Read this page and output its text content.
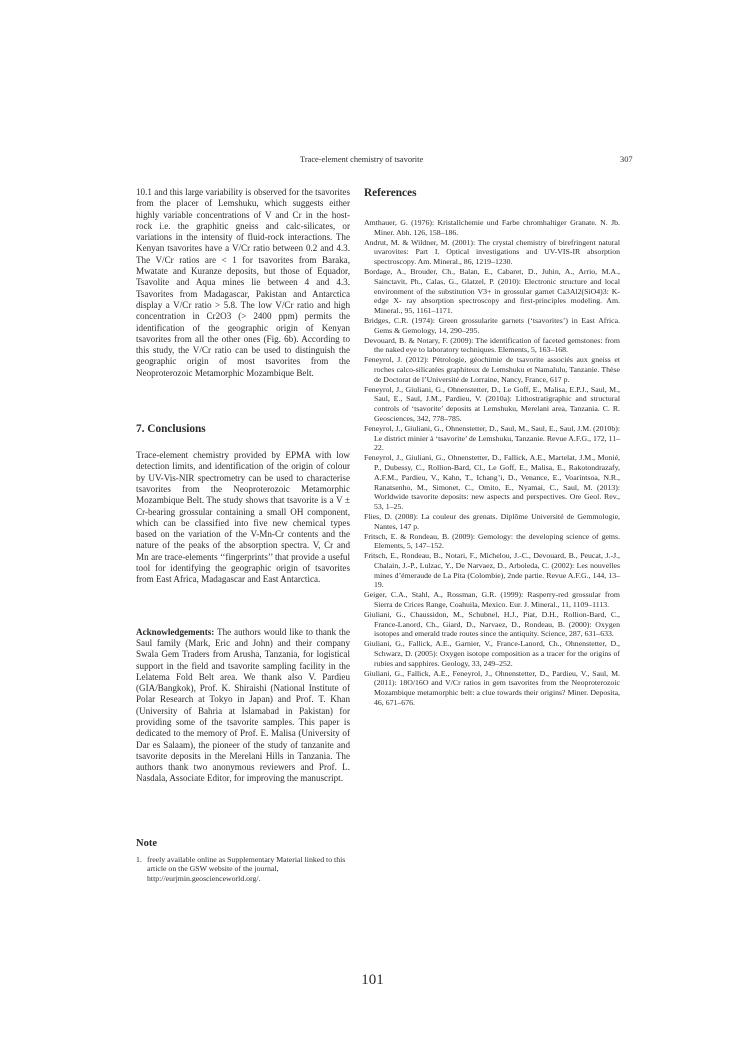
Trace-element chemistry of tsavorite	307

10.1 and this large variability is observed for the tsavorites from the placer of Lemshuku, which suggests either highly variable concentrations of V and Cr in the host-rock i.e. the graphitic gneiss and calc-silicates, or variations in the intensity of fluid-rock interactions. The Kenyan tsavorites have a V/Cr ratio between 0.2 and 4.3. The V/Cr ratios are < 1 for tsavorites from Baraka, Mwatate and Kuranze deposits, but those of Equador, Tsavolite and Aqua mines lie between 4 and 4.3. Tsavorites from Madagascar, Pakistan and Antarctica display a V/Cr ratio > 5.8. The low V/Cr ratio and high concentration in Cr2O3 (> 2400 ppm) permits the identification of the geographic origin of Kenyan tsavorites from all the other ones (Fig. 6b). According to this study, the V/Cr ratio can be used to distinguish the geographic origin of most tsavorites from the Neoproterozoic Metamorphic Mozambique Belt.

7. Conclusions

Trace-element chemistry provided by EPMA with low detection limits, and identification of the origin of colour by UV-Vis-NIR spectrometry can be used to characterise tsavorites from the Neoproterozoic Metamorphic Mozambique Belt. The study shows that tsavorite is a V ± Cr-bearing grossular containing a small OH component, which can be classified into five new chemical types based on the variation of the V-Mn-Cr contents and the nature of the peaks of the absorption spectra. V, Cr and Mn are trace-elements ‘‘fingerprints’’ that provide a useful tool for identifying the geographic origin of tsavorites from East Africa, Madagascar and East Antarctica.

Acknowledgements: The authors would like to thank the Saul family (Mark, Eric and John) and their company Swala Gem Traders from Arusha, Tanzania, for logistical support in the field and tsavorite sampling facility in the Lelatema Fold Belt area. We thank also V. Pardieu (GIA/Bangkok), Prof. K. Shiraishi (National Institute of Polar Research at Tokyo in Japan) and Prof. T. Khan (University of Bahria at Islamabad in Pakistan) for providing some of the tsavorite samples. This paper is dedicated to the memory of Prof. E. Malisa (University of Dar es Salaam), the pioneer of the study of tanzanite and tsavorite deposits in the Merelani Hills in Tanzania. The authors thank two anonymous reviewers and Prof. L. Nasdala, Associate Editor, for improving the manuscript.

Note
1. freely available online as Supplementary Material linked to this article on the GSW website of the journal, http://eurjmin.geoscienceworld.org/.
References

Amthauer, G. (1976): Kristallchemie und Farbe chromhaltiger Granate. N. Jb. Miner. Abh. 126, 158–186.

Andrut, M. & Wildner, M. (2001): The crystal chemistry of birefringent natural uvarovites: Part I. Optical investigations and UV-VIS-IR absorption spectroscopy. Am. Mineral., 86, 1219–1230.

Bordage, A., Brouder, Ch., Balan, E., Cabaret, D., Juhin, A., Arrio, M.A., Sainctavit, Ph., Calas, G., Glatzel, P. (2010): Electronic structure and local environment of the substitution V3+ in grossular garnet Ca3Al2(SiO4)3: K-edge X- ray absorption spectroscopy and first-principles modeling. Am. Mineral., 95, 1161–1171.

Bridges, C.R. (1974): Green grossularite garnets (‘tsavorites’) in East Africa. Gems & Gemology, 14, 290–295.

Devouard, B. & Notary, F. (2009): The identification of faceted gemstones: from the naked eye to laboratory techniques. Elements, 5, 163–168.

Feneyrol, J. (2012): Pétrologie, géochimie de tsavorite associés aux gneiss et roches calco-silicatées graphiteux de Lemshuku et Namalulu, Tanzanie. Thèse de Doctorat de l’Université de Lorraine, Nancy, France, 617 p.

Feneyrol, J., Giuliani, G., Ohnenstetter, D., Le Goff, E., Malisa, E.P.J., Saul, M., Saul, E., Saul, J.M., Pardieu, V. (2010a): Lithostratigraphic and structural controls of ‘tsavorite’ deposits at Lemshuku, Merelani area, Tanzania. C. R. Geosciences, 342, 778–785.

Feneyrol, J., Giuliani, G., Ohnenstetter, D., Saul, M., Saul, E., Saul, J.M. (2010b): Le district minier à ‘tsavorite’ de Lemshuku, Tanzanie. Revue A.F.G., 172, 11–22.

Feneyrol, J., Giuliani, G., Ohnenstetter, D., Fallick, A.E., Martelat, J.M., Monié, P., Dubessy, C., Rollion-Bard, Cl., Le Goff, E., Malisa, E., Rakotondrazafy, A.F.M., Pardieu, V., Kahn, T., Ichang’i, D., Venance, E., Voarintsoa, N.R., Ranatsenho, M., Simonet, C., Omito, E., Nyamai, C., Saul, M. (2013): Worldwide tsavorite deposits: new aspects and perspectives. Ore Geol. Rev., 53, 1–25.

Flies, D. (2008): La couleur des grenats. Diplôme Université de Gemmologie, Nantes, 147 p.

Fritsch, E. & Rondeau, B. (2009): Gemology: the developing science of gems. Elements, 5, 147–152.

Fritsch, E., Rondeau, B., Notari, F., Michelou, J.-C., Devouard, B., Peucat, J.-J., Chalain, J.-P., Lulzac, Y., De Narvaez, D., Arboleda, C. (2002): Les nouvelles mines d’émeraude de La Pita (Colombie), 2nde partie. Revue A.F.G., 144, 13–19.

Geiger, C.A., Stahl, A., Rossman, G.R. (1999): Rasperry-red grossular from Sierra de Crices Range, Coahuila, Mexico. Eur. J. Mineral., 11, 1109–1113.

Giuliani, G., Chaussidon, M., Schubnel, H.J., Piat, D.H., Rollion-Bard, C., France-Lanord, Ch., Giard, D., Narvaez, D., Rondeau, B. (2000): Oxygen isotopes and emerald trade routes since the antiquity. Science, 287, 631–633.

Giuliani, G., Fallick, A.E., Garnier, V., France-Lanord, Ch., Ohnenstetter, D., Schwarz, D. (2005): Oxygen isotope composition as a tracer for the origins of rubies and sapphires. Geology, 33, 249–252.

Giuliani, G., Fallick, A.E., Feneyrol, J., Ohnenstetter, D., Pardieu, V., Saul, M. (2011): 18O/16O and V/Cr ratios in gem tsavorites from the Neoproterozoic Mozambique metamorphic belt: a clue towards their origins? Miner. Deposita, 46, 671–676.

101
